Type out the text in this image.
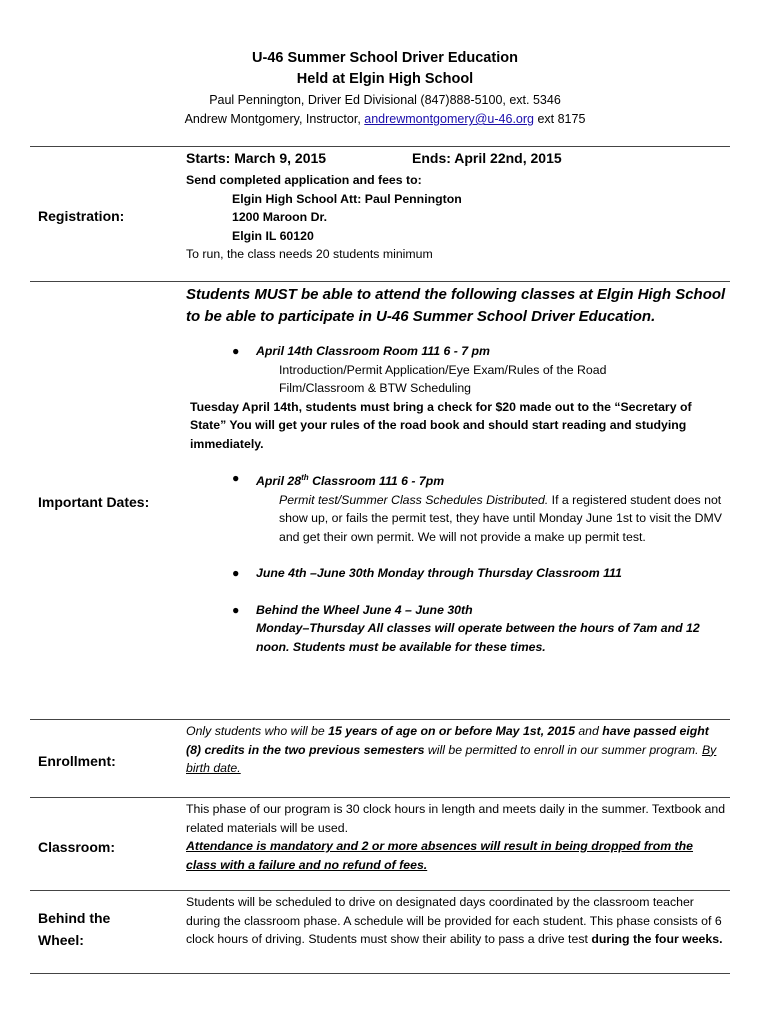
U-46 Summer School Driver Education
Held at Elgin High School
Paul Pennington, Driver Ed Divisional (847)888-5100, ext. 5346
Andrew Montgomery, Instructor, andrewmontgomery@u-46.org ext 8175
Registration:
Starts: March 9, 2015	Ends: April 22nd, 2015
Send completed application and fees to:
Elgin High School Att: Paul Pennington
1200 Maroon Dr.
Elgin IL 60120
To run, the class needs 20 students minimum
Important Dates:
Students MUST be able to attend the following classes at Elgin High School to be able to participate in U-46 Summer School Driver Education.
● April 14th Classroom Room 111 6 - 7 pm
Introduction/Permit Application/Eye Exam/Rules of the Road
Film/Classroom & BTW Scheduling
Tuesday April 14th, students must bring a check for $20 made out to the “Secretary of State” You will get your rules of the road book and should start reading and studying immediately.
● April 28th Classroom 111 6 - 7pm
Permit test/Summer Class Schedules Distributed. If a registered student does not show up, or fails the permit test, they have until Monday June 1st to visit the DMV and get their own permit. We will not provide a make up permit test.
● June 4th –June 30th Monday through Thursday Classroom 111
● Behind the Wheel June 4 – June 30th
Monday–Thursday All classes will operate between the hours of 7am and 12 noon. Students must be available for these times.
Enrollment:
Only students who will be 15 years of age on or before May 1st, 2015 and have passed eight (8) credits in the two previous semesters will be permitted to enroll in our summer program. By birth date.
Classroom:
This phase of our program is 30 clock hours in length and meets daily in the summer. Textbook and related materials will be used.
Attendance is mandatory and 2 or more absences will result in being dropped from the class with a failure and no refund of fees.
Behind the
Wheel:
Students will be scheduled to drive on designated days coordinated by the classroom teacher during the classroom phase. A schedule will be provided for each student. This phase consists of 6 clock hours of driving. Students must show their ability to pass a drive test during the four weeks.
